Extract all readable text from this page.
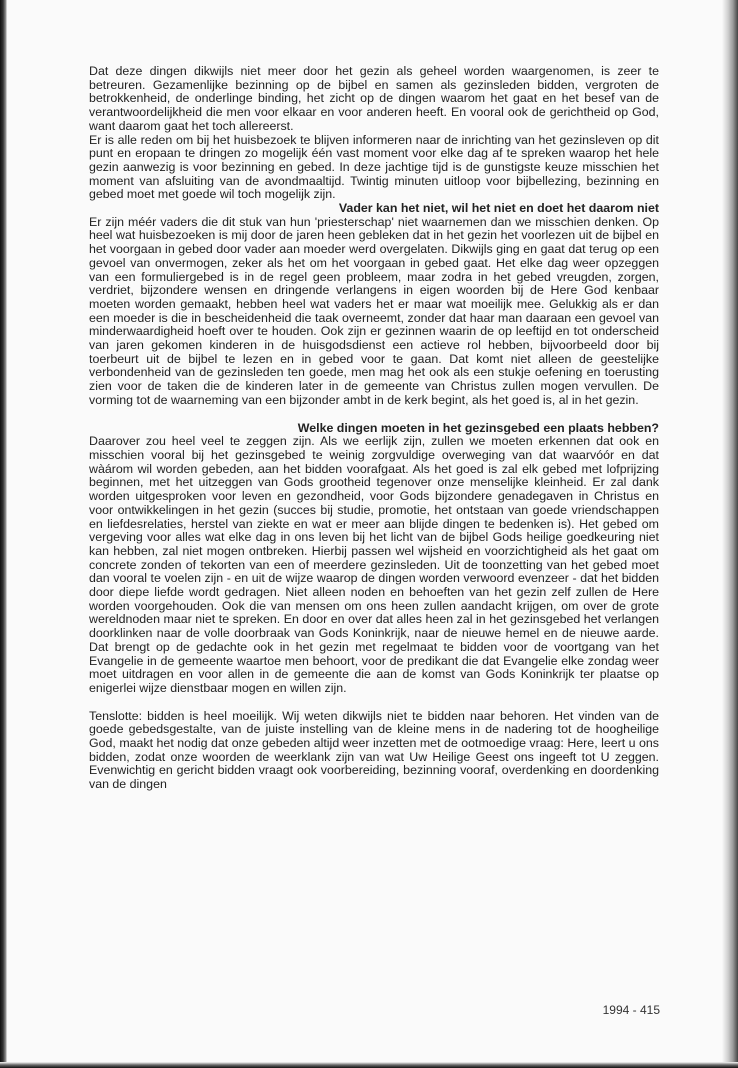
Dat deze dingen dikwijls niet meer door het gezin als geheel worden waargenomen, is zeer te betreuren. Gezamenlijke bezinning op de bijbel en samen als gezinsleden bidden, vergroten de betrokkenheid, de onderlinge binding, het zicht op de dingen waarom het gaat en het besef van de verantwoordelijkheid die men voor elkaar en voor anderen heeft. En vooral ook de gerichtheid op God, want daarom gaat het toch allereerst.

Er is alle reden om bij het huisbezoek te blijven informeren naar de inrichting van het gezinsleven op dit punt en eropaan te dringen zo mogelijk één vast moment voor elke dag af te spreken waarop het hele gezin aanwezig is voor bezinning en gebed. In deze jachtige tijd is de gunstigste keuze misschien het moment van afsluiting van de avondmaaltijd. Twintig minuten uitloop voor bijbellezing, bezinning en gebed moet met goede wil toch mogelijk zijn.

Vader kan het niet, wil het niet en doet het daarom niet

Er zijn méér vaders die dit stuk van hun 'priesterschap' niet waarnemen dan we misschien denken. Op heel wat huisbezoeken is mij door de jaren heen gebleken dat in het gezin het voorlezen uit de bijbel en het voorgaan in gebed door vader aan moeder werd overgelaten. Dikwijls ging en gaat dat terug op een gevoel van onvermogen, zeker als het om het voorgaan in gebed gaat. Het elke dag weer opzeggen van een formuliergebed is in de regel geen probleem, maar zodra in het gebed vreugden, zorgen, verdriet, bijzondere wensen en dringende verlangens in eigen woorden bij de Here God kenbaar moeten worden gemaakt, hebben heel wat vaders het er maar wat moeilijk mee. Gelukkig als er dan een moeder is die in bescheidenheid die taak overneemt, zonder dat haar man daaraan een gevoel van minderwaardigheid hoeft over te houden. Ook zijn er gezinnen waarin de op leeftijd en tot onderscheid van jaren gekomen kinderen in de huisgodsdienst een actieve rol hebben, bijvoorbeeld door bij toerbeurt uit de bijbel te lezen en in gebed voor te gaan. Dat komt niet alleen de geestelijke verbondenheid van de gezinsleden ten goede, men mag het ook als een stukje oefening en toerusting zien voor de taken die de kinderen later in de gemeente van Christus zullen mogen vervullen. De vorming tot de waarneming van een bijzonder ambt in de kerk begint, als het goed is, al in het gezin.

Welke dingen moeten in het gezinsgebed een plaats hebben?

Daarover zou heel veel te zeggen zijn. Als we eerlijk zijn, zullen we moeten erkennen dat ook en misschien vooral bij het gezinsgebed te weinig zorgvuldige overweging van dat waarvóór en dat wàárom wil worden gebeden, aan het bidden voorafgaat. Als het goed is zal elk gebed met lofprijzing beginnen, met het uitzeggen van Gods grootheid tegenover onze menselijke kleinheid. Er zal dank worden uitgesproken voor leven en gezondheid, voor Gods bijzondere genadegaven in Christus en voor ontwikkelingen in het gezin (succes bij studie, promotie, het ontstaan van goede vriendschappen en liefdesrelaties, herstel van ziekte en wat er meer aan blijde dingen te bedenken is). Het gebed om vergeving voor alles wat elke dag in ons leven bij het licht van de bijbel Gods heilige goedkeuring niet kan hebben, zal niet mogen ontbreken. Hierbij passen wel wijsheid en voorzichtigheid als het gaat om concrete zonden of tekorten van een of meerdere gezinsleden. Uit de toonzetting van het gebed moet dan vooral te voelen zijn - en uit de wijze waarop de dingen worden verwoord evenzeer - dat het bidden door diepe liefde wordt gedragen. Niet alleen noden en behoeften van het gezin zelf zullen de Here worden voorgehouden. Ook die van mensen om ons heen zullen aandacht krijgen, om over de grote wereldnoden maar niet te spreken. En door en over dat alles heen zal in het gezinsgebed het verlangen doorklinken naar de volle doorbraak van Gods Koninkrijk, naar de nieuwe hemel en de nieuwe aarde. Dat brengt op de gedachte ook in het gezin met regelmaat te bidden voor de voortgang van het Evangelie in de gemeente waartoe men behoort, voor de predikant die dat Evangelie elke zondag weer moet uitdragen en voor allen in de gemeente die aan de komst van Gods Koninkrijk ter plaatse op enigerlei wijze dienstbaar mogen en willen zijn.

Tenslotte: bidden is heel moeilijk. Wij weten dikwijls niet te bidden naar behoren. Het vinden van de goede gebedsgestalte, van de juiste instelling van de kleine mens in de nadering tot de hoogheilige God, maakt het nodig dat onze gebeden altijd weer inzetten met de ootmoedige vraag: Here, leert u ons bidden, zodat onze woorden de weerklank zijn van wat Uw Heilige Geest ons ingeeft tot U zeggen. Evenwichtig en gericht bidden vraagt ook voorbereiding, bezinning vooraf, overdenking en doordenking van de dingen

1994 - 415
